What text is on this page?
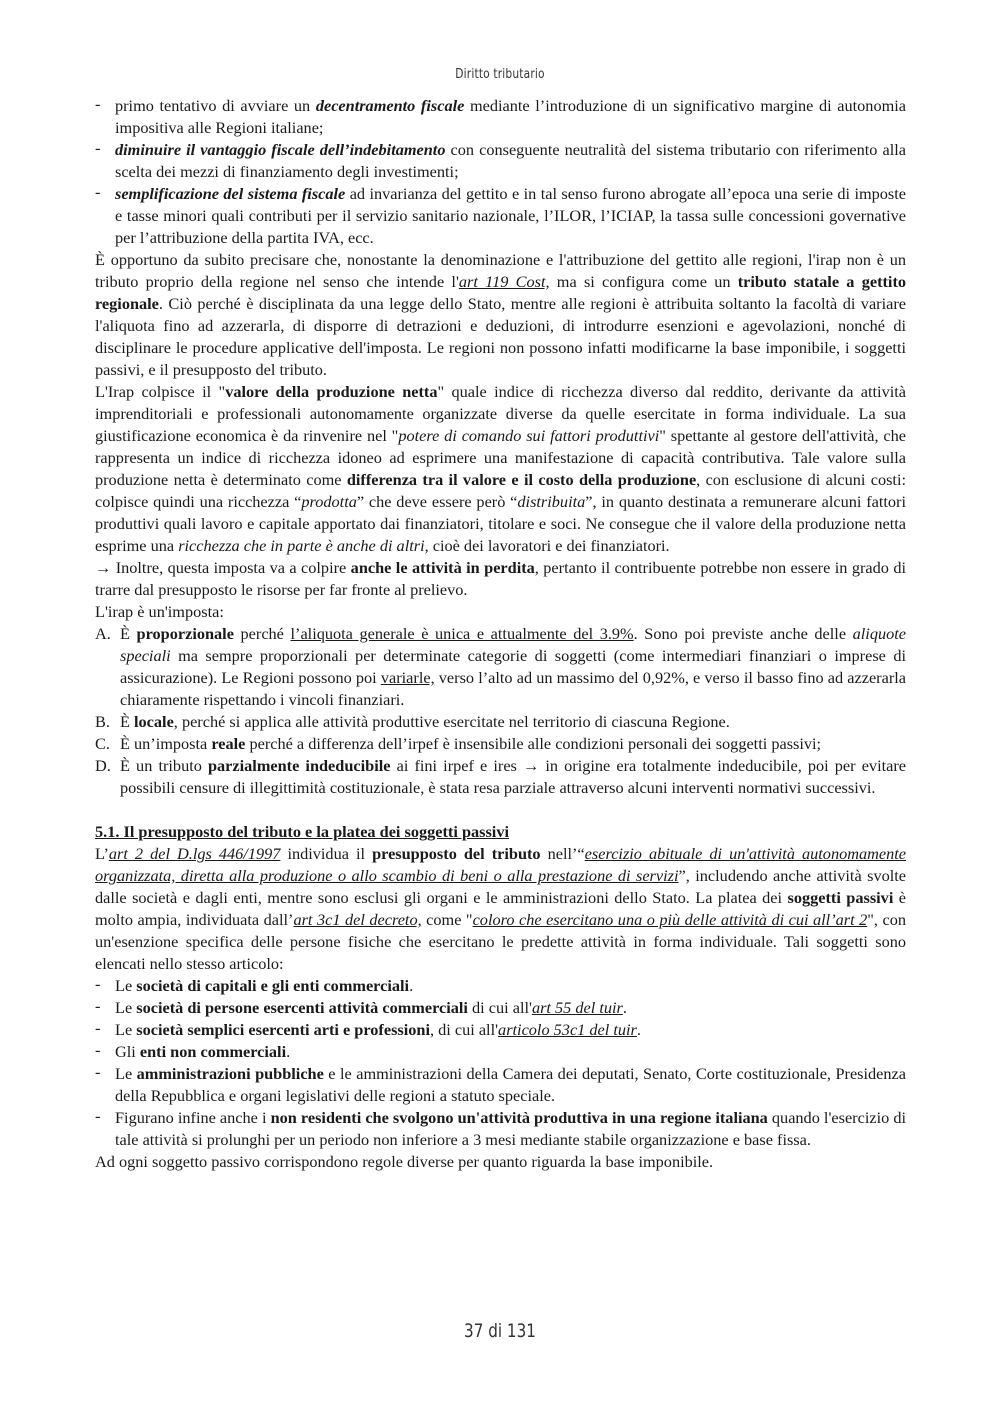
Diritto tributario
- primo tentativo di avviare un decentramento fiscale mediante l’introduzione di un significativo margine di autonomia impositiva alle Regioni italiane;
- diminuire il vantaggio fiscale dell’indebitamento con conseguente neutralità del sistema tributario con riferimento alla scelta dei mezzi di finanziamento degli investimenti;
- semplificazione del sistema fiscale ad invarianza del gettito e in tal senso furono abrogate all’epoca una serie di imposte e tasse minori quali contributi per il servizio sanitario nazionale, l’ILOR, l’ICIAP, la tassa sulle concessioni governative per l’attribuzione della partita IVA, ecc.

È opportuno da subito precisare che, nonostante la denominazione e l'attribuzione del gettito alle regioni, l'irap non è un tributo proprio della regione nel senso che intende l'art 119 Cost, ma si configura come un tributo statale a gettito regionale. Ciò perché è disciplinata da una legge dello Stato, mentre alle regioni è attribuita soltanto la facoltà di variare l'aliquota fino ad azzerarla, di disporre di detrazioni e deduzioni, di introdurre esenzioni e agevolazioni, nonché di disciplinare le procedure applicative dell'imposta. Le regioni non possono infatti modificarne la base imponibile, i soggetti passivi, e il presupposto del tributo.

L'Irap colpisce il "valore della produzione netta" quale indice di ricchezza diverso dal reddito, derivante da attività imprenditoriali e professionali autonomamente organizzate diverse da quelle esercitate in forma individuale. La sua giustificazione economica è da rinvenire nel "potere di comando sui fattori produttivi" spettante al gestore dell'attività, che rappresenta un indice di ricchezza idoneo ad esprimere una manifestazione di capacità contributiva. Tale valore sulla produzione netta è determinato come differenza tra il valore e il costo della produzione, con esclusione di alcuni costi: colpisce quindi una ricchezza “prodotta” che deve essere però “distribuita”, in quanto destinata a remunerare alcuni fattori produttivi quali lavoro e capitale apportato dai finanziatori, titolare e soci. Ne consegue che il valore della produzione netta esprime una ricchezza che in parte è anche di altri, cioè dei lavoratori e dei finanziatori.

→ Inoltre, questa imposta va a colpire anche le attività in perdita, pertanto il contribuente potrebbe non essere in grado di trarre dal presupposto le risorse per far fronte al prelievo.

L'irap è un'imposta:

A. È proporzionale perché l’aliquota generale è unica e attualmente del 3.9%. Sono poi previste anche delle aliquote speciali ma sempre proporzionali per determinate categorie di soggetti (come intermediari finanziari o imprese di assicurazione). Le Regioni possono poi variarle, verso l’alto ad un massimo del 0,92%, e verso il basso fino ad azzerarla chiaramente rispettando i vincoli finanziari.
B. È locale, perché si applica alle attività produttive esercitate nel territorio di ciascuna Regione.
C. È un’imposta reale perché a differenza dell’irpef è insensibile alle condizioni personali dei soggetti passivi;
D. È un tributo parzialmente indeducibile ai fini irpef e ires → in origine era totalmente indeducibile, poi per evitare possibili censure di illegittimità costituzionale, è stata resa parziale attraverso alcuni interventi normativi successivi.

5.1. Il presupposto del tributo e la platea dei soggetti passivi

L’art 2 del D.lgs 446/1997 individua il presupposto del tributo nell’“esercizio abituale di un'attività autonomamente organizzata, diretta alla produzione o allo scambio di beni o alla prestazione di servizi”, includendo anche attività svolte dalle società e dagli enti, mentre sono esclusi gli organi e le amministrazioni dello Stato. La platea dei soggetti passivi è molto ampia, individuata dall’art 3c1 del decreto, come "coloro che esercitano una o più delle attività di cui all’art 2", con un'esenzione specifica delle persone fisiche che esercitano le predette attività in forma individuale. Tali soggetti sono elencati nello stesso articolo:

- Le società di capitali e gli enti commerciali.
- Le società di persone esercenti attività commerciali di cui all'art 55 del tuir.
- Le società semplici esercenti arti e professioni, di cui all'articolo 53c1 del tuir.
- Gli enti non commerciali.
- Le amministrazioni pubbliche e le amministrazioni della Camera dei deputati, Senato, Corte costituzionale, Presidenza della Repubblica e organi legislativi delle regioni a statuto speciale.
- Figurano infine anche i non residenti che svolgono un'attività produttiva in una regione italiana quando l'esercizio di tale attività si prolunghi per un periodo non inferiore a 3 mesi mediante stabile organizzazione e base fissa.

Ad ogni soggetto passivo corrispondono regole diverse per quanto riguarda la base imponibile.

37 di 131
